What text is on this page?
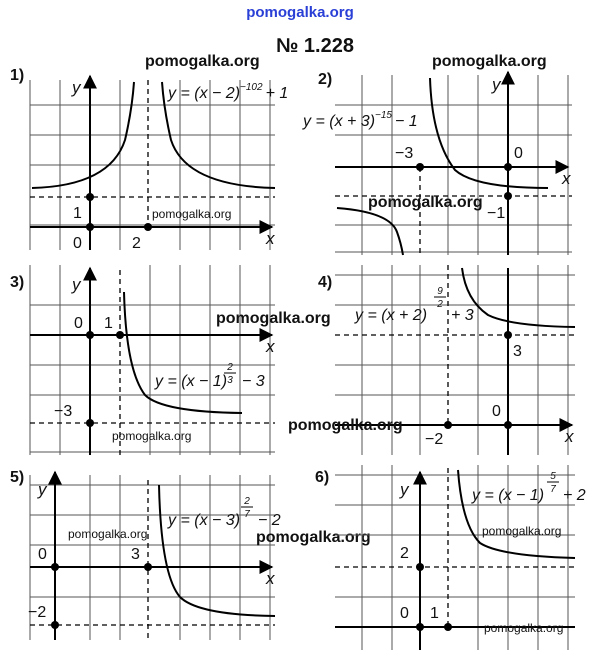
pomogalka.org
№ 1.228
1)
y
x
1
0	2
$y = (x - 2)^{-102} + 1$
pomogalka.org
pomogalka.org
2)	y
x
−3	0
−1
$y = (x + 3)^{-15} - 1$
pomogalka.org
pomogalka.org
3)	y
x
0 1
−3
y = (x − 1)
2
3 − 3
pomogalka.org
pomogalka.org
4)
x
3
0
−2
y = (x + 2)
9
2
+ 3
pomogalka.org
5)
y
x
0	3
−2
y = (x − 3)
2
7 − 2
pomogalka.org	pomogalka.org
6)
y
2
0 1
y = (x − 1)
5
7 + 2
pomogalka.org
pomogalka.org
